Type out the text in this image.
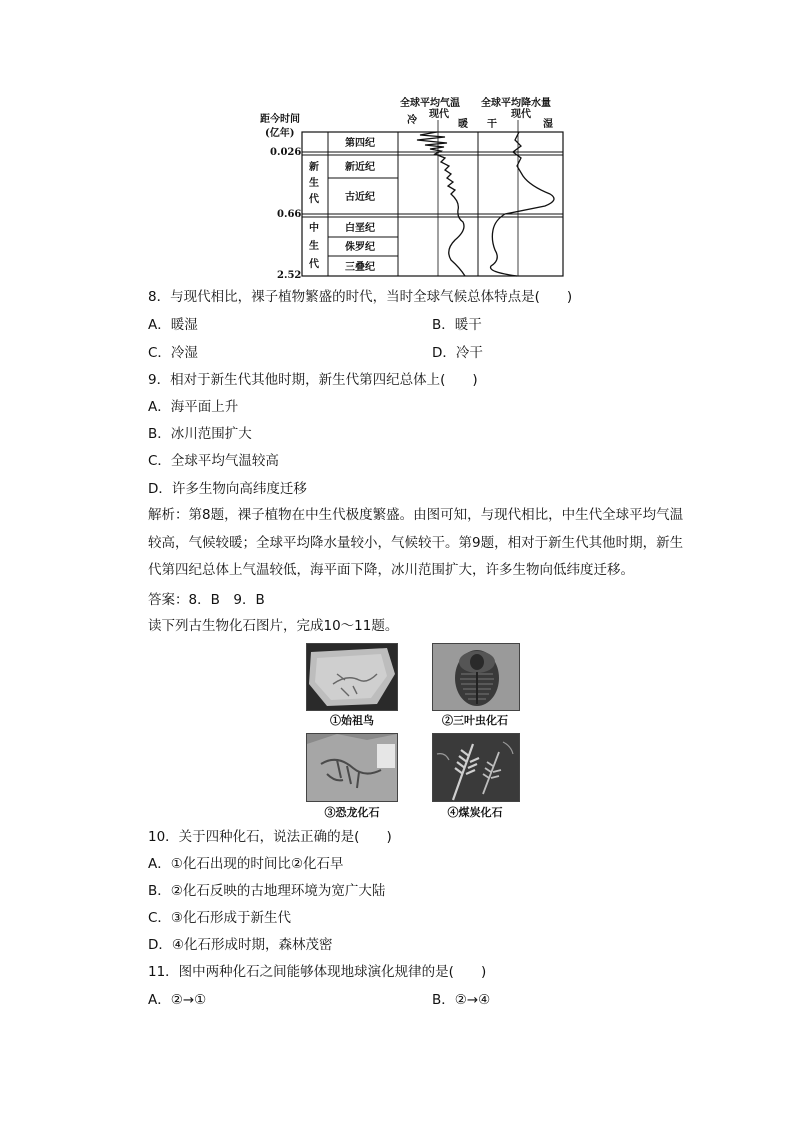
全球平均气温 全球平均降水量
冷
现代
暖 干
现代
湿
距今时间
(亿年)
0.026
0.66
2.52
新
生
代
中
生
代
第四纪
新近纪
古近纪
白垩纪
侏罗纪
三叠纪
8．与现代相比，裸子植物繁盛的时代，当时全球气候总体特点是(　　)
A．暖湿	B．暖干
C．冷湿	D．冷干
9．相对于新生代其他时期，新生代第四纪总体上(　　)
A．海平面上升
B．冰川范围扩大
C．全球平均气温较高
D．许多生物向高纬度迁移
解析：第8题，裸子植物在中生代极度繁盛。由图可知，与现代相比，中生代全球平均气温较高，气候较暖；全球平均降水量较小，气候较干。第9题，相对于新生代其他时期，新生代第四纪总体上气温较低，海平面下降，冰川范围扩大，许多生物向低纬度迁移。
答案：8．B　9．B
读下列古生物化石图片，完成10～11题。
①始祖鸟	②三叶虫化石
③恐龙化石	④煤炭化石
10．关于四种化石，说法正确的是(　　)
A．①化石出现的时间比②化石早
B．②化石反映的古地理环境为宽广大陆
C．③化石形成于新生代
D．④化石形成时期，森林茂密
11．图中两种化石之间能够体现地球演化规律的是(　　)
A．②→①	B．②→④
